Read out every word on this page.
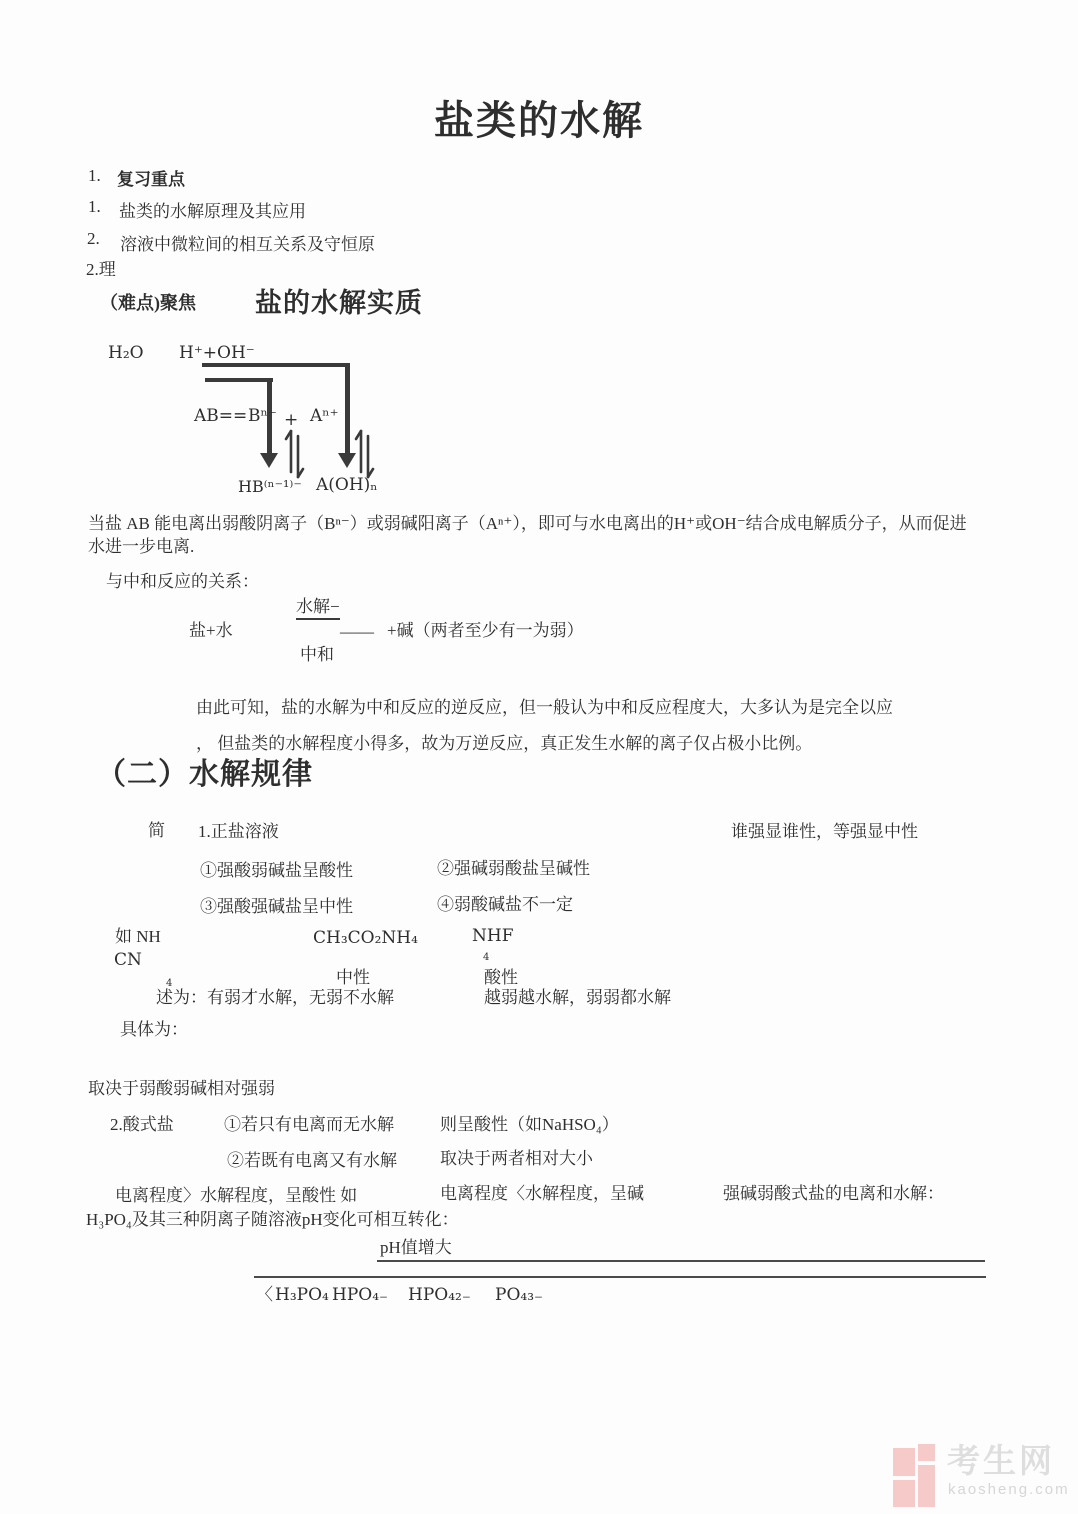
盐类的水解
1. 复习重点
1. 盐类的水解原理及其应用
2. 溶液中微粒间的相互关系及守恒原
2.理
（难点)聚焦 盐的水解实质
H₂O H⁺+OH⁻
AB== Bⁿ⁻ + Aⁿ⁺
HB⁽ⁿ⁻¹⁾⁻ A(OH)ₙ
当盐 AB 能电离出弱酸阴离子（Bⁿ⁻）或弱碱阳离子（Aⁿ⁺），即可与水电离出的H⁺或OH⁻结合成电解质分子，从而促进水进一步电离.
与中和反应的关系：
水解−
盐+水	—— +碱（两者至少有一为弱）
中和
由此可知，盐的水解为中和反应的逆反应，但一般认为中和反应程度大，大多认为是完全以应
， 但盐类的水解程度小得多，故为万逆反应，真正发生水解的离子仅占极小比例。
（二）水解规律
简 1.正盐溶液	谁强显谁性，等强显中性
①强酸弱碱盐呈酸性	②强碱弱酸盐呈碱性
③强酸强碱盐呈中性	④弱酸碱盐不一定
如 NH	CH₃CO₂NH₄	NHF
CN	4
4	中性	酸性
述为：有弱才水解，无弱不水解	越弱越水解，弱弱都水解
具体为：
取决于弱酸弱碱相对强弱
2.酸式盐	①若只有电离而无水解	则呈酸性（如NaHSO₄）
②若既有电离又有水解	取决于两者相对大小
电离程度〉水解程度，呈酸性 如	电离程度〈水解程度，呈碱	强碱弱酸式盐的电离和水解：
H₃PO₄及其三种阴离子随溶液pH变化可相互转化：
pH值增大
〈 H₃PO₄ HPO₄₋ HPO₄₂₋ PO₄₃₋
考生网
kaosheng.com
